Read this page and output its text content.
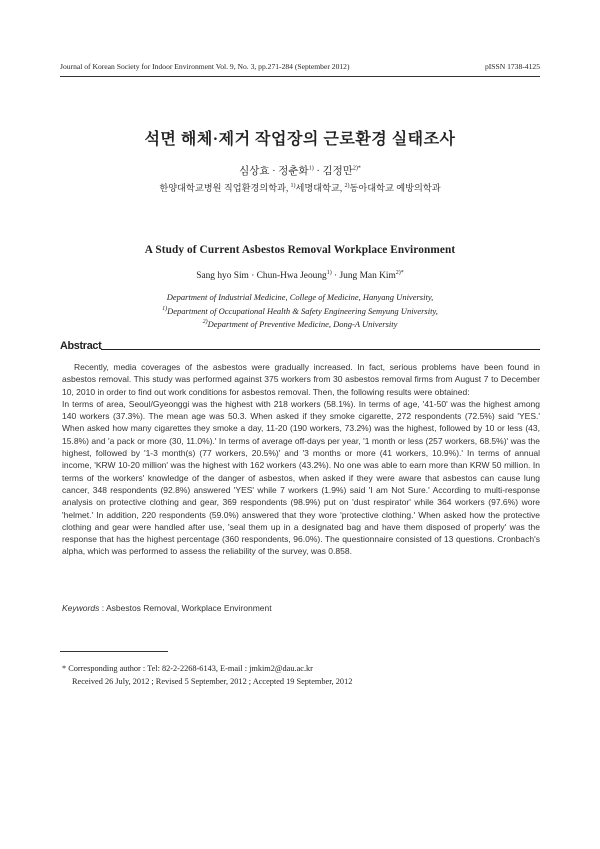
Journal of Korean Society for Indoor Environment Vol. 9, No. 3, pp.271-284 (September 2012)	pISSN 1738-4125
석면 해체·제거 작업장의 근로환경 실태조사
심상효 · 정춘화$^{1)}$ · 김정만$^{2)*}$
한양대학교병원 직업환경의학과, $^{1)}$세명대학교, $^{2)}$동아대학교 예방의학과
A Study of Current Asbestos Removal Workplace Environment
Sang hyo Sim · Chun-Hwa Jeoung$^{1)}$ · Jung Man Kim$^{2)*}$
Department of Industrial Medicine, College of Medicine, Hanyang University,
$^{1)}$Department of Occupational Health & Safety Engineering Semyung University,
$^{2)}$Department of Preventive Medicine, Dong-A University
Abstract

Recently, media coverages of the asbestos were gradually increased. In fact, serious problems have been found in asbestos removal. This study was performed against 375 workers from 30 asbestos removal firms from August 7 to December 10, 2010 in order to find out work conditions for asbestos removal. Then, the following results were obtained:

In terms of area, Seoul/Gyeonggi was the highest with 218 workers (58.1%). In terms of age, '41-50' was the highest among 140 workers (37.3%). The mean age was 50.3. When asked if they smoke cigarette, 272 respondents (72.5%) said 'YES.' When asked how many cigarettes they smoke a day, 11-20 (190 workers, 73.2%) was the highest, followed by 10 or less (43, 15.8%) and 'a pack or more (30, 11.0%).' In terms of average off-days per year, '1 month or less (257 workers, 68.5%)' was the highest, followed by '1-3 month(s) (77 workers, 20.5%)' and '3 months or more (41 workers, 10.9%).' In terms of annual income, 'KRW 10-20 million' was the highest with 162 workers (43.2%). No one was able to earn more than KRW 50 million. In terms of the workers' knowledge of the danger of asbestos, when asked if they were aware that asbestos can cause lung cancer, 348 respondents (92.8%) answered 'YES' while 7 workers (1.9%) said 'I am Not Sure.' According to multi-response analysis on protective clothing and gear, 369 respondents (98.9%) put on 'dust respirator' while 364 workers (97.6%) wore 'helmet.' In addition, 220 respondents (59.0%) answered that they wore 'protective clothing.' When asked how the protective clothing and gear were handled after use, 'seal them up in a designated bag and have them disposed of properly' was the response that has the highest percentage (360 respondents, 96.0%). The questionnaire consisted of 13 questions. Cronbach's alpha, which was performed to assess the reliability of the survey, was 0.858.

Keywords : Asbestos Removal, Workplace Environment
* Corresponding author : Tel: 82-2-2268-6143, E-mail : jmkim2@dau.ac.kr
Received 26 July, 2012 ; Revised 5 September, 2012 ; Accepted 19 September, 2012
